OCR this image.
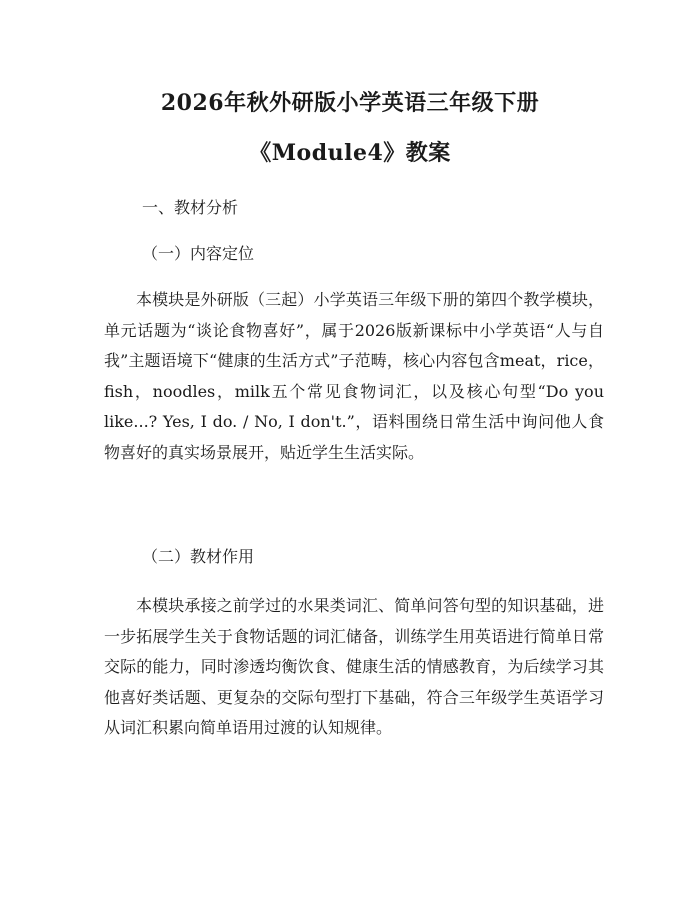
2026年秋外研版小学英语三年级下册
《Module4》教案
一、教材分析
（一）内容定位
本模块是外研版（三起）小学英语三年级下册的第四个教学模块，单元话题为“谈论食物喜好”，属于2026版新课标中小学英语“人与自我”主题语境下“健康的生活方式”子范畴，核心内容包含meat，rice，fish，noodles，milk五个常见食物词汇，以及核心句型“Do you like...? Yes, I do. / No, I don't.”，语料围绕日常生活中询问他人食物喜好的真实场景展开，贴近学生生活实际。
（二）教材作用
本模块承接之前学过的水果类词汇、简单问答句型的知识基础，进一步拓展学生关于食物话题的词汇储备，训练学生用英语进行简单日常交际的能力，同时渗透均衡饮食、健康生活的情感教育，为后续学习其他喜好类话题、更复杂的交际句型打下基础，符合三年级学生英语学习从词汇积累向简单语用过渡的认知规律。
